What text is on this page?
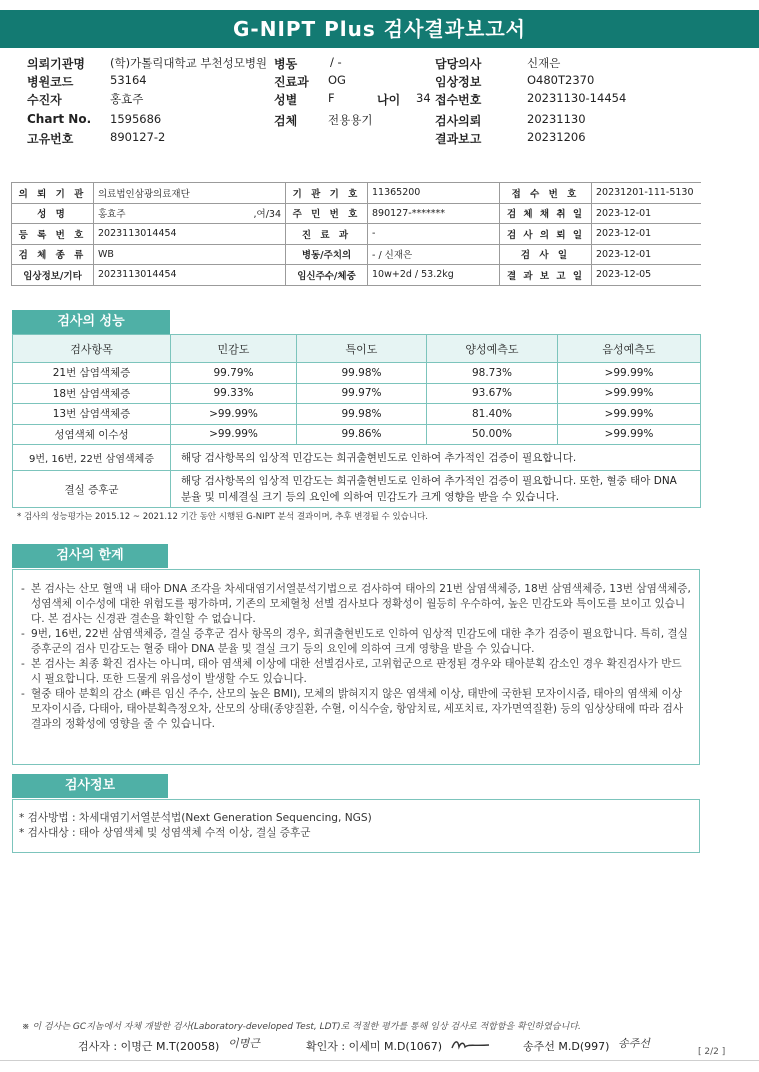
G-NIPT Plus 검사결과보고서
의뢰기관명 (학)가톨릭대학교 부천성모병원 병동	/ -	담당의사	신재은
병원코드	53164	진료과 OG	임상정보	O480T2370
수진자	홍효주	성별	F	나이 34 접수번호	20231130-14454
Chart No. 1595686	검체	전용용기	검사의뢰	20231130
고유번호	890127-2	결과보고	20231206
의 뢰 기 관	의료법인삼광의료재단	기 관 기 호	11365200	접 수 번 호	20231201-111-5130
성 명	홍효주 ,여/34	주 민 번 호	890127-*******	검 체 채 취 일	2023-12-01
등 록 번 호	2023113014454	진 료 과	-	검 사 의 뢰 일	2023-12-01
검 체 종 류	WB	병동/주치의	- / 신재은	검 사 일	2023-12-01
임상정보/기타	2023113014454	임신주수/체중	10w+2d / 53.2kg	결 과 보 고 일	2023-12-05
검사의 성능
검사항목	민감도	특이도	양성예측도	음성예측도
21번 삼염색체증	99.79%	99.98%	98.73%	>99.99%
18번 삼염색체증	99.33%	99.97%	93.67%	>99.99%
13번 삼염색체증	>99.99%	99.98%	81.40%	>99.99%
성염색체 이수성	>99.99%	99.86%	50.00%	>99.99%
9번, 16번, 22번 삼염색체증	해당 검사항목의 임상적 민감도는 희귀출현빈도로 인하여 추가적인 검증이 필요합니다.			
결실 증후군	해당 검사항목의 임상적 민감도는 희귀출현빈도로 인하여 추가적인 검증이 필요합니다. 또한, 혈중 태아 DNA 분율 및 미세결실 크기 등의 요인에 의하여 민감도가 크게 영향을 받을 수 있습니다.			
* 검사의 성능평가는 2015.12 ~ 2021.12 기간 동안 시행된 G-NIPT 분석 결과이며, 추후 변경될 수 있습니다.
검사의 한계
- 본 검사는 산모 혈액 내 태아 DNA 조각을 차세대염기서열분석기법으로 검사하여 태아의 21번 삼염색체증, 18번 삼염색체증, 13번 삼염색체증, 성염색체 이수성에 대한 위험도를 평가하며, 기존의 모체혈청 선별 검사보다 정확성이 월등히 우수하여, 높은 민감도와 특이도를 보이고 있습니다. 본 검사는 신경관 결손을 확인할 수 없습니다.
- 9번, 16번, 22번 삼염색체증, 결실 증후군 검사 항목의 경우, 희귀출현빈도로 인하여 임상적 민감도에 대한 추가 검증이 필요합니다. 특히, 결실 증후군의 검사 민감도는 혈중 태아 DNA 분율 및 결실 크기 등의 요인에 의하여 크게 영향을 받을 수 있습니다.
- 본 검사는 최종 확진 검사는 아니며, 태아 염색체 이상에 대한 선별검사로, 고위험군으로 판정된 경우와 태아분획 감소인 경우 확진검사가 반드시 필요합니다. 또한 드물게 위음성이 발생할 수도 있습니다.
- 혈중 태아 분획의 감소 (빠른 임신 주수, 산모의 높은 BMI), 모체의 밝혀지지 않은 염색체 이상, 태반에 국한된 모자이시즘, 태아의 염색체 이상 모자이시즘, 다태아, 태아분획측정오차, 산모의 상태(종양질환, 수혈, 이식수술, 항암치료, 세포치료, 자가면역질환) 등의 임상상태에 따라 검사결과의 정확성에 영향을 줄 수 있습니다.
검사정보
* 검사방법 : 차세대염기서열분석법(Next Generation Sequencing, NGS)
* 검사대상 : 태아 상염색체 및 성염색체 수적 이상, 결실 증후군
※ 이 검사는 GC지놈에서 자체 개발한 검사(Laboratory-developed Test, LDT)로 적절한 평가를 통해 임상 검사로 적합함을 확인하였습니다.
검사자 : 이명근 M.T(20058) 이명근	확인자 : 이세미 M.D(1067)	송주선 M.D(997) 송주선
[ 2/2 ]
